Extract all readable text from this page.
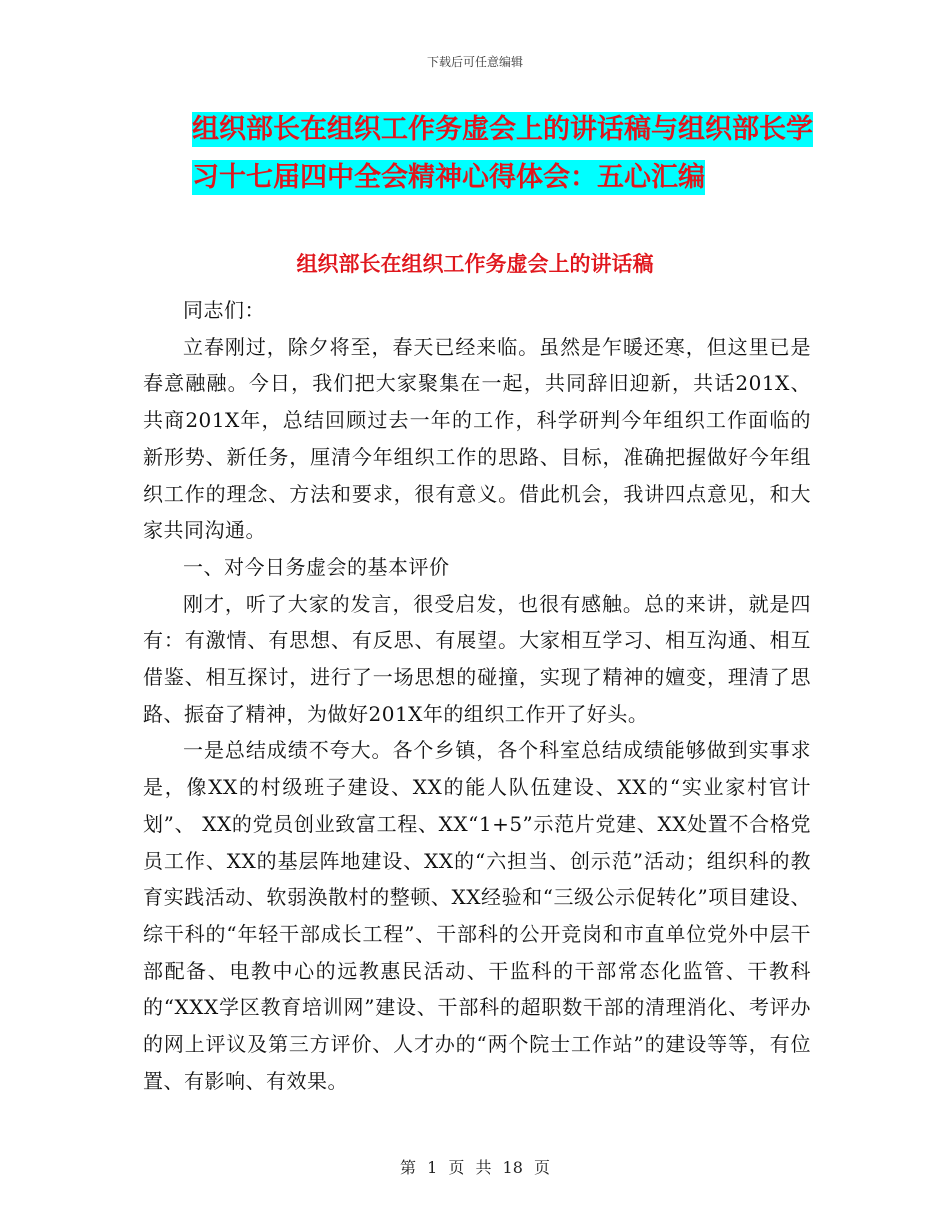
下载后可任意编辑
组织部长在组织工作务虚会上的讲话稿与组织部长学
习十七届四中全会精神心得体会：五心汇编
组织部长在组织工作务虚会上的讲话稿

同志们：

立春刚过，除夕将至，春天已经来临。虽然是乍暖还寒，但这里已是春意融融。今日，我们把大家聚集在一起，共同辞旧迎新，共话201X、共商201X年，总结回顾过去一年的工作，科学研判今年组织工作面临的新形势、新任务，厘清今年组织工作的思路、目标，准确把握做好今年组织工作的理念、方法和要求，很有意义。借此机会，我讲四点意见，和大家共同沟通。

一、对今日务虚会的基本评价

刚才，听了大家的发言，很受启发，也很有感触。总的来讲，就是四有：有激情、有思想、有反思、有展望。大家相互学习、相互沟通、相互借鉴、相互探讨，进行了一场思想的碰撞，实现了精神的嬗变，理清了思路、振奋了精神，为做好201X年的组织工作开了好头。

一是总结成绩不夸大。各个乡镇，各个科室总结成绩能够做到实事求是，像XX的村级班子建设、XX的能人队伍建设、XX的“实业家村官计划”、 XX的党员创业致富工程、XX“1+5”示范片党建、XX处置不合格党员工作、XX的基层阵地建设、XX的“六担当、创示范”活动；组织科的教育实践活动、软弱涣散村的整顿、XX经验和“三级公示促转化”项目建设、综干科的“年轻干部成长工程”、干部科的公开竞岗和市直单位党外中层干部配备、电教中心的远教惠民活动、干监科的干部常态化监管、干教科的“XXX学区教育培训网”建设、干部科的超职数干部的清理消化、考评办的网上评议及第三方评价、人才办的“两个院士工作站”的建设等等，有位置、有影响、有效果。

第 1 页 共 18 页
